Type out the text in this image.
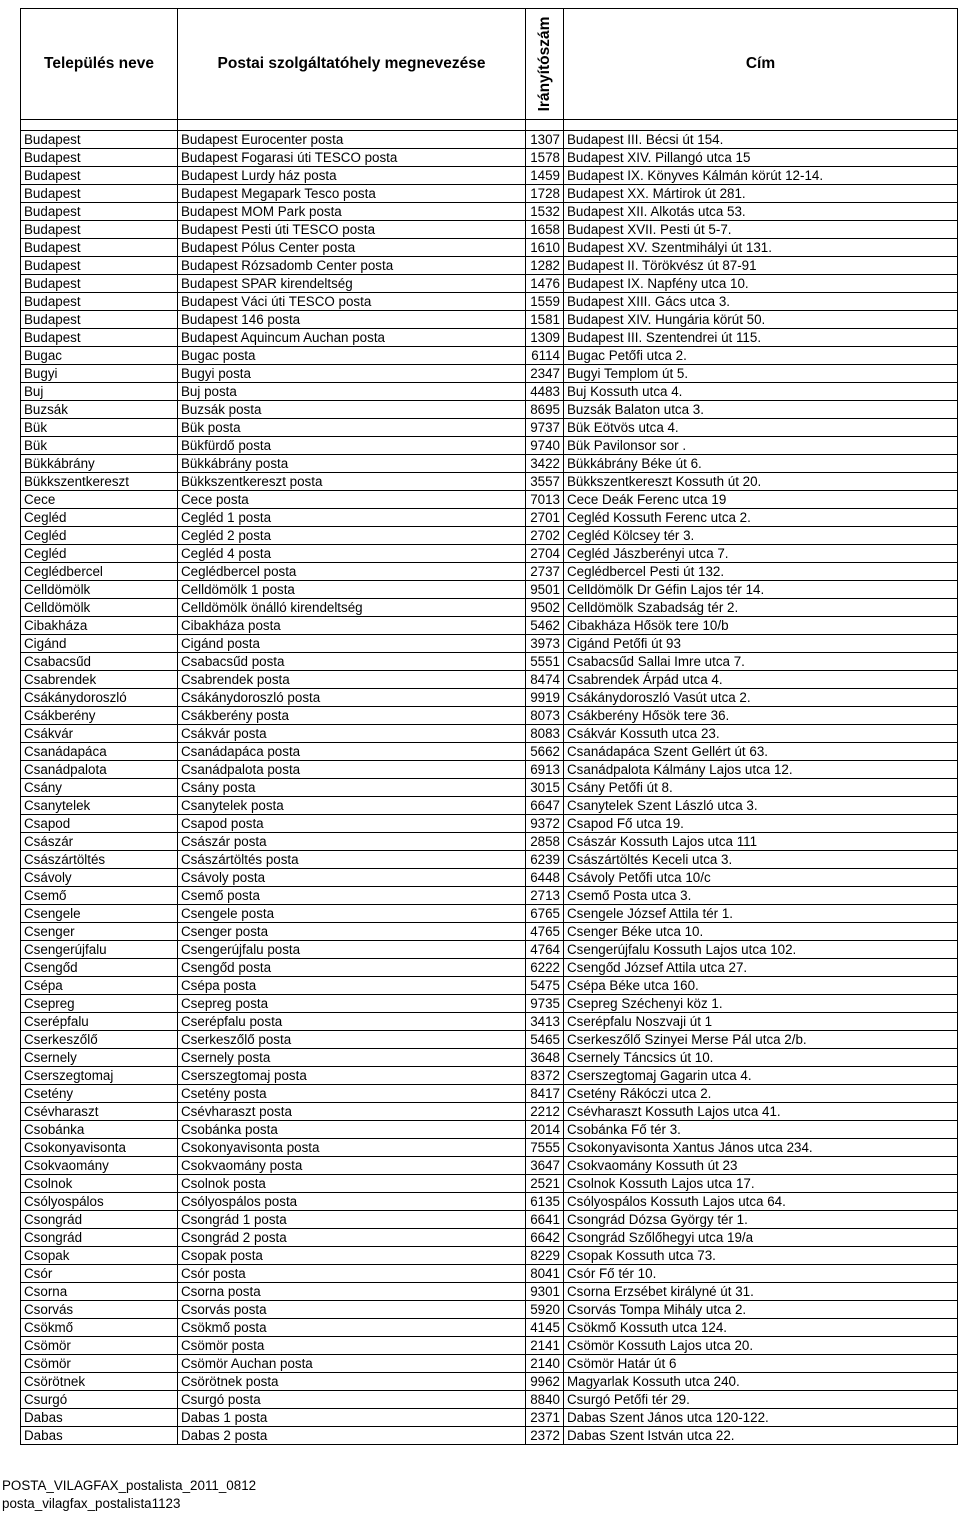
Település neve	Postai szolgáltatóhely megnevezése	Irányítószám	Cím

Budapest	Budapest Eurocenter posta	1307	Budapest III. Bécsi út 154.
Budapest	Budapest Fogarasi úti TESCO posta	1578	Budapest XIV. Pillangó utca 15
Budapest	Budapest Lurdy ház posta	1459	Budapest IX. Könyves Kálmán körút 12-14.
Budapest	Budapest Megapark Tesco posta	1728	Budapest XX. Mártirok út 281.
Budapest	Budapest MOM Park posta	1532	Budapest XII. Alkotás utca 53.
Budapest	Budapest Pesti úti TESCO posta	1658	Budapest XVII. Pesti út 5-7.
Budapest	Budapest Pólus Center posta	1610	Budapest XV. Szentmihályi út 131.
Budapest	Budapest Rózsadomb Center posta	1282	Budapest II. Törökvész út 87-91
Budapest	Budapest SPAR kirendeltség	1476	Budapest IX. Napfény utca 10.
Budapest	Budapest Váci úti TESCO posta	1559	Budapest XIII. Gács utca 3.
Budapest	Budapest 146 posta	1581	Budapest XIV. Hungária körút 50.
Budapest	Budapest Aquincum Auchan posta	1309	Budapest III. Szentendrei út 115.
Bugac	Bugac posta	6114	Bugac Petőfi utca 2.
Bugyi	Bugyi posta	2347	Bugyi Templom út 5.
Buj	Buj posta	4483	Buj Kossuth utca 4.
Buzsák	Buzsák posta	8695	Buzsák Balaton utca 3.
Bük	Bük posta	9737	Bük Eötvös utca 4.
Bük	Bükfürdő posta	9740	Bük Pavilonsor sor .
Bükkábrány	Bükkábrány posta	3422	Bükkábrány Béke út 6.
Bükkszentkereszt	Bükkszentkereszt posta	3557	Bükkszentkereszt Kossuth út 20.
Cece	Cece posta	7013	Cece Deák Ferenc utca 19
Cegléd	Cegléd 1 posta	2701	Cegléd Kossuth Ferenc utca 2.
Cegléd	Cegléd 2 posta	2702	Cegléd Kölcsey tér 3.
Cegléd	Cegléd 4 posta	2704	Cegléd Jászberényi utca 7.
Ceglédbercel	Ceglédbercel posta	2737	Ceglédbercel Pesti út 132.
Celldömölk	Celldömölk 1 posta	9501	Celldömölk Dr Géfin Lajos tér 14.
Celldömölk	Celldömölk önálló kirendeltség	9502	Celldömölk Szabadság tér 2.
Cibakháza	Cibakháza posta	5462	Cibakháza Hősök tere 10/b
Cigánd	Cigánd posta	3973	Cigánd Petőfi út 93
Csabacsűd	Csabacsűd posta	5551	Csabacsűd Sallai Imre utca 7.
Csabrendek	Csabrendek posta	8474	Csabrendek Árpád utca 4.
Csákánydoroszló	Csákánydoroszló posta	9919	Csákánydoroszló Vasút utca 2.
Csákberény	Csákberény posta	8073	Csákberény Hősök tere 36.
Csákvár	Csákvár posta	8083	Csákvár Kossuth utca 23.
Csanádapáca	Csanádapáca posta	5662	Csanádapáca Szent Gellért út 63.
Csanádpalota	Csanádpalota posta	6913	Csanádpalota Kálmány Lajos utca 12.
Csány	Csány posta	3015	Csány Petőfi út 8.
Csanytelek	Csanytelek posta	6647	Csanytelek Szent László utca 3.
Csapod	Csapod posta	9372	Csapod Fő utca 19.
Császár	Császár posta	2858	Császár Kossuth Lajos utca 111
Császártöltés	Császártöltés posta	6239	Császártöltés Keceli utca 3.
Csávoly	Csávoly posta	6448	Csávoly Petőfi utca 10/c
Csemő	Csemő posta	2713	Csemő Posta utca 3.
Csengele	Csengele posta	6765	Csengele József Attila tér 1.
Csenger	Csenger posta	4765	Csenger Béke utca 10.
Csengerújfalu	Csengerújfalu posta	4764	Csengerújfalu Kossuth Lajos utca 102.
Csengőd	Csengőd posta	6222	Csengőd József Attila utca 27.
Csépa	Csépa posta	5475	Csépa Béke utca 160.
Csepreg	Csepreg posta	9735	Csepreg Széchenyi köz 1.
Cserépfalu	Cserépfalu posta	3413	Cserépfalu Noszvaji út 1
Cserkeszőlő	Cserkeszőlő posta	5465	Cserkeszőlő Szinyei Merse Pál utca 2/b.
Csernely	Csernely posta	3648	Csernely Táncsics út 10.
Cserszegtomaj	Cserszegtomaj posta	8372	Cserszegtomaj Gagarin utca 4.
Csetény	Csetény posta	8417	Csetény Rákóczi utca 2.
Csévharaszt	Csévharaszt posta	2212	Csévharaszt Kossuth Lajos utca 41.
Csobánka	Csobánka posta	2014	Csobánka Fő tér 3.
Csokonyavisonta	Csokonyavisonta posta	7555	Csokonyavisonta Xantus János utca 234.
Csokvaomány	Csokvaomány posta	3647	Csokvaomány Kossuth út 23
Csolnok	Csolnok posta	2521	Csolnok Kossuth Lajos utca 17.
Csólyospálos	Csólyospálos posta	6135	Csólyospálos Kossuth Lajos utca 64.
Csongrád	Csongrád 1 posta	6641	Csongrád Dózsa György tér 1.
Csongrád	Csongrád 2 posta	6642	Csongrád Szőlőhegyi utca 19/a
Csopak	Csopak posta	8229	Csopak Kossuth utca 73.
Csór	Csór posta	8041	Csór Fő tér 10.
Csorna	Csorna posta	9301	Csorna Erzsébet királyné út 31.
Csorvás	Csorvás posta	5920	Csorvás Tompa Mihály utca 2.
Csökmő	Csökmő posta	4145	Csökmő Kossuth utca 124.
Csömör	Csömör posta	2141	Csömör Kossuth Lajos utca 20.
Csömör	Csömör Auchan posta	2140	Csömör Határ út 6
Csörötnek	Csörötnek posta	9962	Magyarlak Kossuth utca 240.
Csurgó	Csurgó posta	8840	Csurgó Petőfi tér 29.
Dabas	Dabas 1 posta	2371	Dabas Szent János utca 120-122.
Dabas	Dabas 2 posta	2372	Dabas Szent István utca 22.
POSTA_VILAGFAX_postalista_2011_0812
posta_vilagfax_postalista1123
